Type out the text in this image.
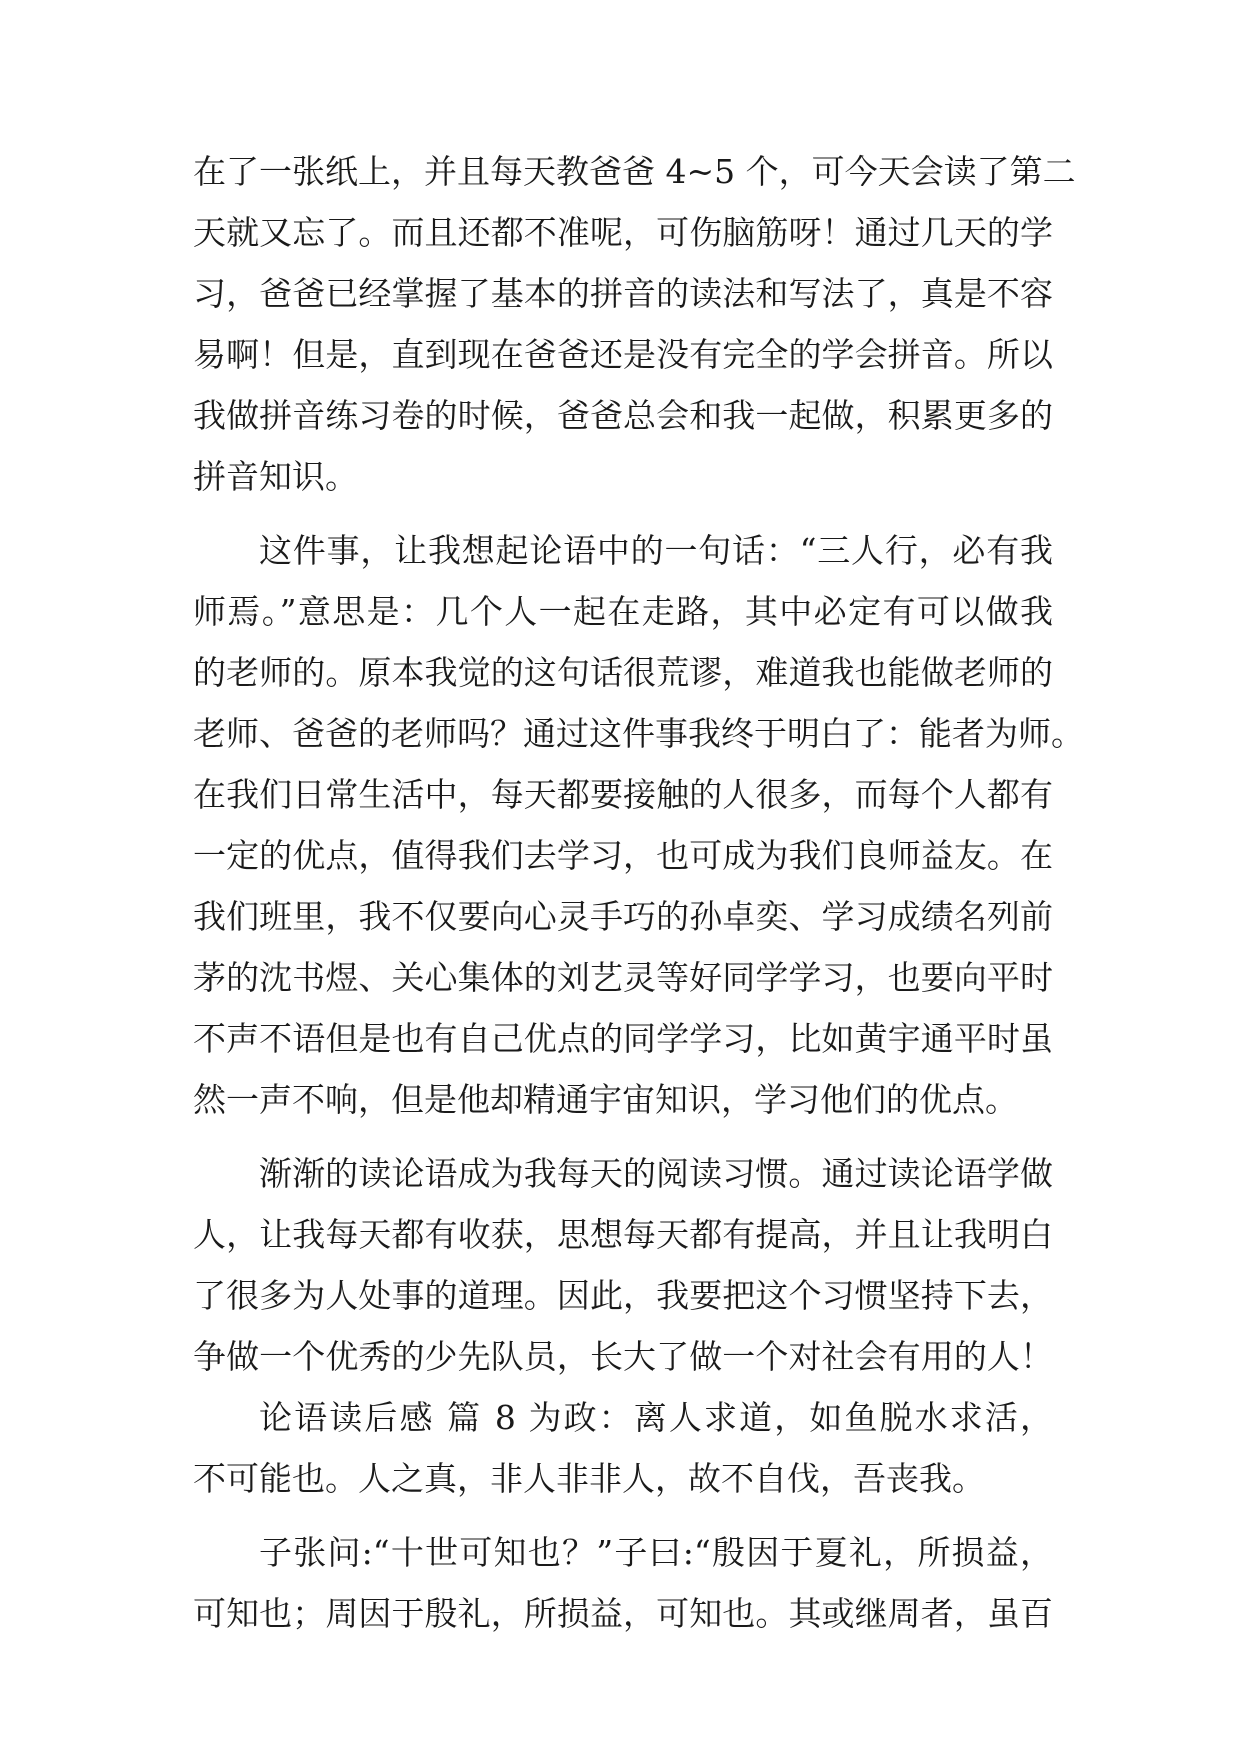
在了一张纸上，并且每天教爸爸 4~5 个，可今天会读了第二
天就又忘了。而且还都不准呢，可伤脑筋呀！通过几天的学
习，爸爸已经掌握了基本的拼音的读法和写法了，真是不容
易啊！但是，直到现在爸爸还是没有完全的学会拼音。所以
我做拼音练习卷的时候，爸爸总会和我一起做，积累更多的
拼音知识。
这件事，让我想起论语中的一句话：“三人行，必有我
师焉。”意思是：几个人一起在走路，其中必定有可以做我
的老师的。原本我觉的这句话很荒谬，难道我也能做老师的
老师、爸爸的老师吗？通过这件事我终于明白了：能者为师。
在我们日常生活中，每天都要接触的人很多，而每个人都有
一定的优点，值得我们去学习，也可成为我们良师益友。在
我们班里，我不仅要向心灵手巧的孙卓奕、学习成绩名列前
茅的沈书煜、关心集体的刘艺灵等好同学学习，也要向平时
不声不语但是也有自己优点的同学学习，比如黄宇通平时虽
然一声不响，但是他却精通宇宙知识，学习他们的优点。
渐渐的读论语成为我每天的阅读习惯。通过读论语学做
人，让我每天都有收获，思想每天都有提高，并且让我明白
了很多为人处事的道理。因此，我要把这个习惯坚持下去，
争做一个优秀的少先队员，长大了做一个对社会有用的人！
论语读后感 篇 8 为政：离人求道，如鱼脱水求活，
不可能也。人之真，非人非非人，故不自伐，吾丧我。
子张问:“十世可知也？”子曰:“殷因于夏礼，所损益，
可知也；周因于殷礼，所损益，可知也。其或继周者，虽百
